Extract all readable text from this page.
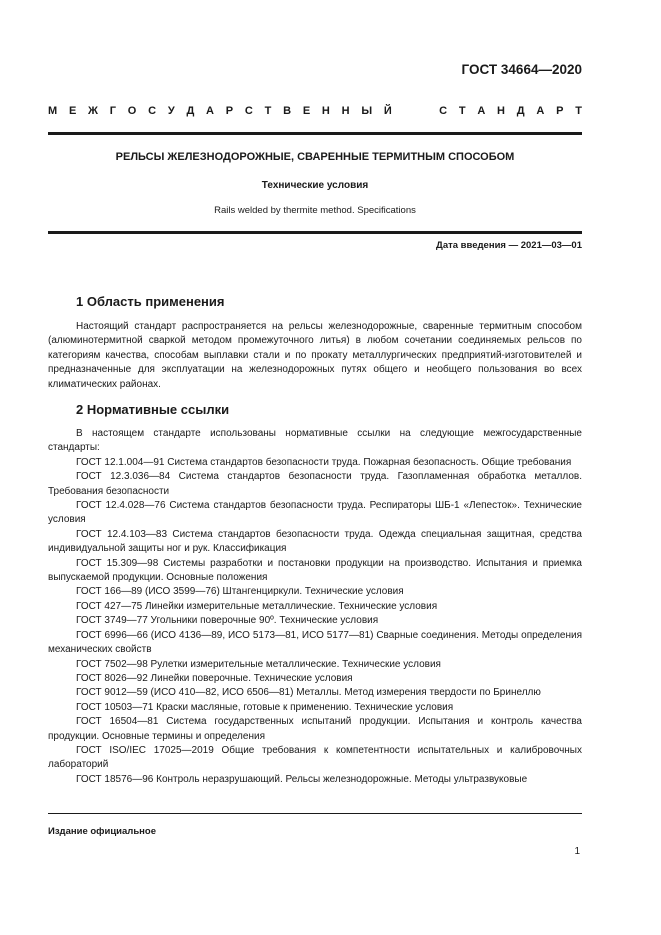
ГОСТ 34664—2020
М Е Ж Г О С У Д А Р С Т В Е Н Н Ы Й	С Т А Н Д А Р Т
РЕЛЬСЫ ЖЕЛЕЗНОДОРОЖНЫЕ, СВАРЕННЫЕ ТЕРМИТНЫМ СПОСОБОМ
Технические условия
Rails welded by thermite method. Specifications
Дата введения — 2021—03—01
1 Область применения
Настоящий стандарт распространяется на рельсы железнодорожные, сваренные термитным способом (алюминотермитной сваркой методом промежуточного литья) в любом сочетании соединяемых рельсов по категориям качества, способам выплавки стали и по прокату металлургических предприятий-изготовителей и предназначенные для эксплуатации на железнодорожных путях общего и необщего пользования во всех климатических районах.
2 Нормативные ссылки
В настоящем стандарте использованы нормативные ссылки на следующие межгосударственные стандарты:
ГОСТ 12.1.004—91 Система стандартов безопасности труда. Пожарная безопасность. Общие требования
ГОСТ 12.3.036—84 Система стандартов безопасности труда. Газопламенная обработка металлов. Требования безопасности
ГОСТ 12.4.028—76 Система стандартов безопасности труда. Респираторы ШБ-1 «Лепесток». Технические условия
ГОСТ 12.4.103—83 Система стандартов безопасности труда. Одежда специальная защитная, средства индивидуальной защиты ног и рук. Классификация
ГОСТ 15.309—98 Системы разработки и постановки продукции на производство. Испытания и приемка выпускаемой продукции. Основные положения
ГОСТ 166—89 (ИСО 3599—76) Штангенциркули. Технические условия
ГОСТ 427—75 Линейки измерительные металлические. Технические условия
ГОСТ 3749—77 Угольники поверочные 90º. Технические условия
ГОСТ 6996—66 (ИСО 4136—89, ИСО 5173—81, ИСО 5177—81) Сварные соединения. Методы определения механических свойств
ГОСТ 7502—98 Рулетки измерительные металлические. Технические условия
ГОСТ 8026—92 Линейки поверочные. Технические условия
ГОСТ 9012—59 (ИСО 410—82, ИСО 6506—81) Металлы. Метод измерения твердости по Бринеллю
ГОСТ 10503—71 Краски масляные, готовые к применению. Технические условия
ГОСТ 16504—81 Система государственных испытаний продукции. Испытания и контроль качества продукции. Основные термины и определения
ГОСТ ISO/IEC 17025—2019 Общие требования к компетентности испытательных и калибровочных лабораторий
ГОСТ 18576—96 Контроль неразрушающий. Рельсы железнодорожные. Методы ультразвуковые
Издание официальное
1
